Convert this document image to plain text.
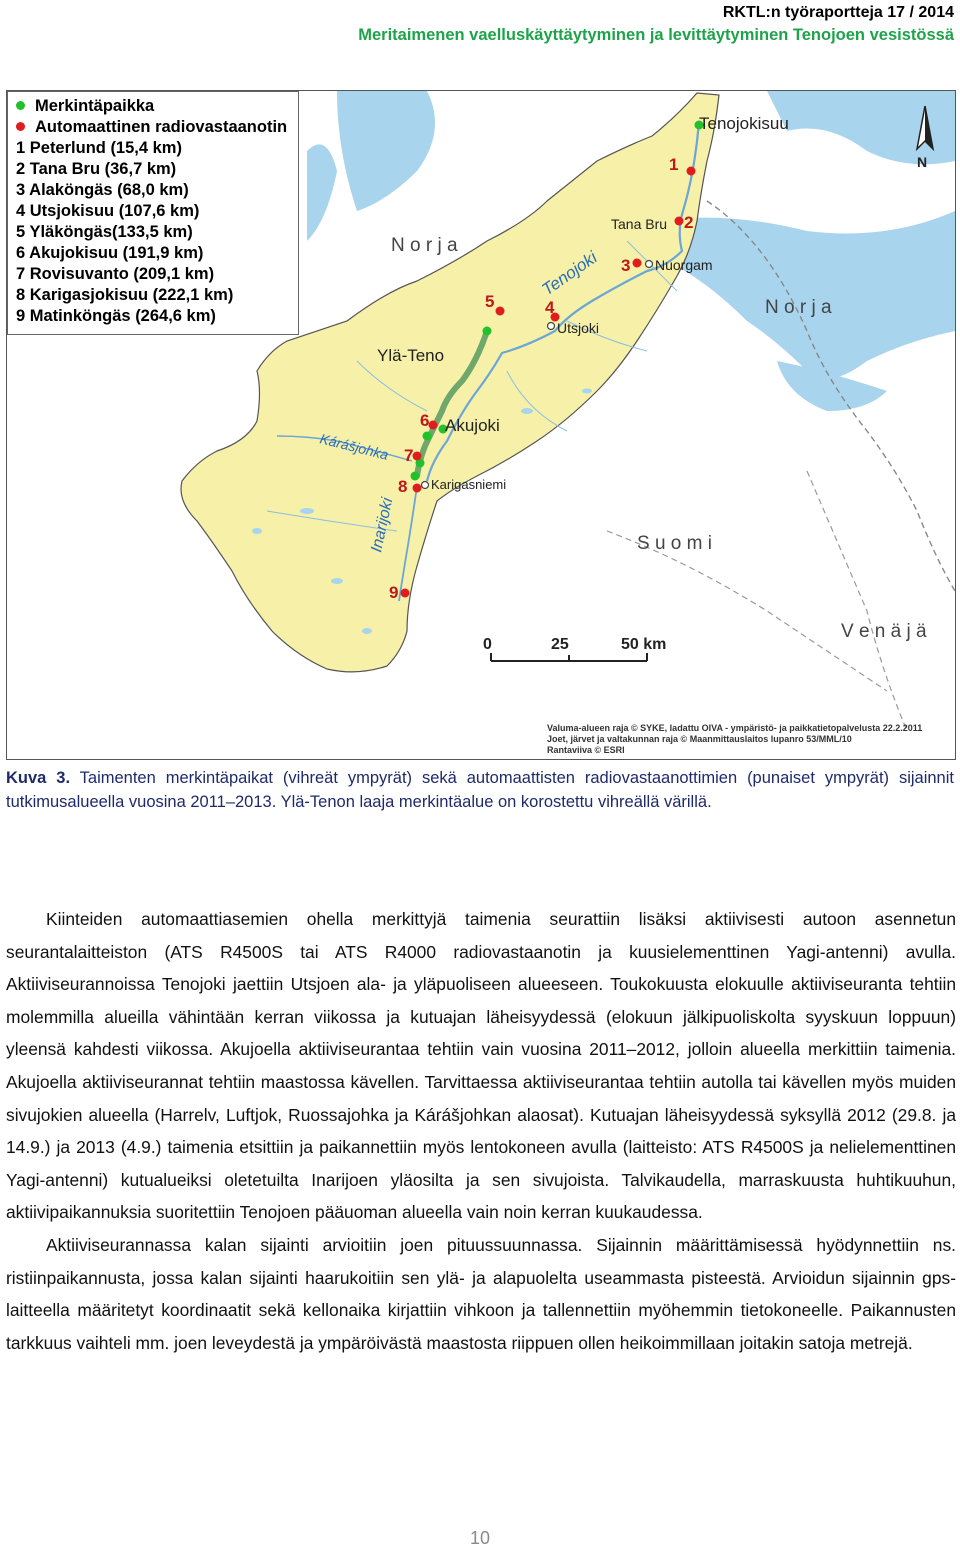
RKTL:n työraportteja 17 / 2014
Meritaimenen vaelluskäyttäytyminen ja levittäytyminen Tenojoen vesistössä
1
2
3
4
5
6
7
8
9
Tenojokisuu
Tana Bru
Nuorgam
Utsjoki
Ylä-Teno
Akujoki
Karigasniemi
N o r j a
N o r j a
S u o m i
V e n ä j ä
Tenojoki
Kárášjohka
Inarijoki
N
0	25	50 km
Valuma-alueen raja © SYKE, ladattu OIVA - ympäristö- ja paikkatietopalvelusta 22.2.2011
Joet, järvet ja valtakunnan raja © Maanmittauslaitos lupanro 53/MML/10
Rantaviiva © ESRI
Merkintäpaikka
Automaattinen radiovastaanotin
1 Peterlund (15,4 km)
2 Tana Bru (36,7 km)
3 Alaköngäs (68,0 km)
4 Utsjokisuu (107,6 km)
5 Yläköngäs(133,5 km)
6 Akujokisuu (191,9 km)
7 Rovisuvanto (209,1 km)
8 Karigasjokisuu (222,1 km)
9 Matinköngäs (264,6 km)
Kuva 3. Taimenten merkintäpaikat (vihreät ympyrät) sekä automaattisten radiovastaanottimien (punaiset ympyrät) sijainnit tutkimusalueella vuosina 2011–2013. Ylä-Tenon laaja merkintäalue on korostettu vihreällä värillä.

Kiinteiden automaattiasemien ohella merkittyjä taimenia seurattiin lisäksi aktiivisesti autoon asennetun seurantalaitteiston (ATS R4500S tai ATS R4000 radiovastaanotin ja kuusielementtinen Yagi-antenni) avulla. Aktiiviseurannoissa Tenojoki jaettiin Utsjoen ala- ja yläpuoliseen alueeseen. Toukokuusta elokuulle aktiiviseuranta tehtiin molemmilla alueilla vähintään kerran viikossa ja kutuajan läheisyydessä (elokuun jälkipuoliskolta syyskuun loppuun) yleensä kahdesti viikossa. Akujoella aktiiviseurantaa tehtiin vain vuosina 2011–2012, jolloin alueella merkittiin taimenia. Akujoella aktiiviseurannat tehtiin maastossa kävellen. Tarvittaessa aktiiviseurantaa tehtiin autolla tai kävellen myös muiden sivujokien alueella (Harrelv, Luftjok, Ruossajohka ja Kárášjohkan alaosat). Kutuajan läheisyydessä syksyllä 2012 (29.8. ja 14.9.) ja 2013 (4.9.) taimenia etsittiin ja paikannettiin myös lentokoneen avulla (laitteisto: ATS R4500S ja nelielementtinen Yagi-antenni) kutualueiksi oletetuilta Inarijoen yläosilta ja sen sivujoista. Talvikaudella, marraskuusta huhtikuuhun, aktiivipaikannuksia suoritettiin Tenojoen pääuoman alueella vain noin kerran kuukaudessa.

Aktiiviseurannassa kalan sijainti arvioitiin joen pituussuunnassa. Sijainnin määrittämisessä hyödynnettiin ns. ristiinpaikannusta, jossa kalan sijainti haarukoitiin sen ylä- ja alapuolelta useammasta pisteestä. Arvioidun sijainnin gps-laitteella määritetyt koordinaatit sekä kellonaika kirjattiin vihkoon ja tallennettiin myöhemmin tietokoneelle. Paikannusten tarkkuus vaihteli mm. joen leveydestä ja ympäröivästä maastosta riippuen ollen heikoimmillaan joitakin satoja metrejä.

10
